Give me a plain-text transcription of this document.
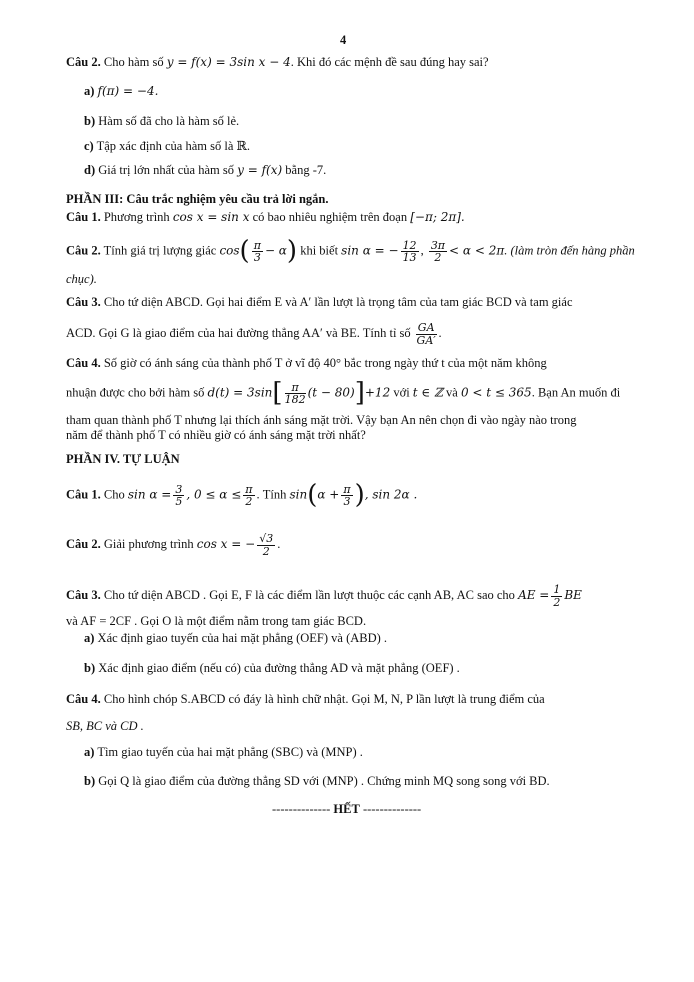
4
Câu 2. Cho hàm số y = f(x) = 3sin x − 4. Khi đó các mệnh đề sau đúng hay sai?
a) f(π) = −4.
b) Hàm số đã cho là hàm số lẻ.
c) Tập xác định của hàm số là ℝ.
d) Giá trị lớn nhất của hàm số y = f(x) bằng -7.
PHẦN III: Câu trắc nghiệm yêu cầu trả lời ngắn.
Câu 1. Phương trình cos x = sin x có bao nhiêu nghiệm trên đoạn [−π; 2π].
Câu 2. Tính giá trị lượng giác $\cos( \frac{\pi}{3} - \alpha)$ khi biết sin α = − $\frac{12}{13}$ , $\frac{3\pi}{2} < \alpha < 2\pi$. (làm tròn đến hàng phần
chục).
Câu 3. Cho tứ diện ABCD. Gọi hai điểm E và A′ lần lượt là trọng tâm của tam giác BCD và tam giác
ACD. Gọi G là giao điểm của hai đường thẳng AA′ và BE. Tính tỉ số $\frac{GA}{GA'}$ .
Câu 4. Số giờ có ánh sáng của thành phố T ở vĩ độ 40° bắc trong ngày thứ t của một năm không
nhuận được cho bởi hàm số $d(t) = 3\sin[ \frac{\pi}{182} (t - 80)]+12$ với t ∈ ℤ và 0 < t ≤ 365. Bạn An muốn đi
tham quan thành phố T nhưng lại thích ánh sáng mặt trời. Vậy bạn An nên chọn đi vào ngày nào trong
năm để thành phố T có nhiều giờ có ánh sáng mặt trời nhất?
PHẦN IV. TỰ LUẬN
Câu 1. Cho $\sin \alpha = \frac{3}{5}$ , $0 \le \alpha \le \frac{\pi}{2}$ . Tính $\sin(\alpha + \frac{\pi}{3}$ ), sin 2α .
Câu 2. Giải phương trình cos x = − $\frac{√3}{2}$ .
Câu 3. Cho tứ diện ABCD . Gọi E, F là các điểm lần lượt thuộc các cạnh AB, AC sao cho AE = $\frac{1}{2}$ BE
và AF = 2CF . Gọi O là một điểm nằm trong tam giác BCD.
a) Xác định giao tuyến của hai mặt phẳng (OEF) và (ABD) .
b) Xác định giao điểm (nếu có) của đường thẳng AD và mặt phẳng (OEF) .
Câu 4. Cho hình chóp S.ABCD có đáy là hình chữ nhật. Gọi M, N, P lần lượt là trung điểm của
SB, BC và CD .
a) Tìm giao tuyến của hai mặt phẳng (SBC) và (MNP) .
b) Gọi Q là giao điểm của đường thẳng SD với (MNP) . Chứng minh MQ song song với BD.
-------------- HẾT --------------
